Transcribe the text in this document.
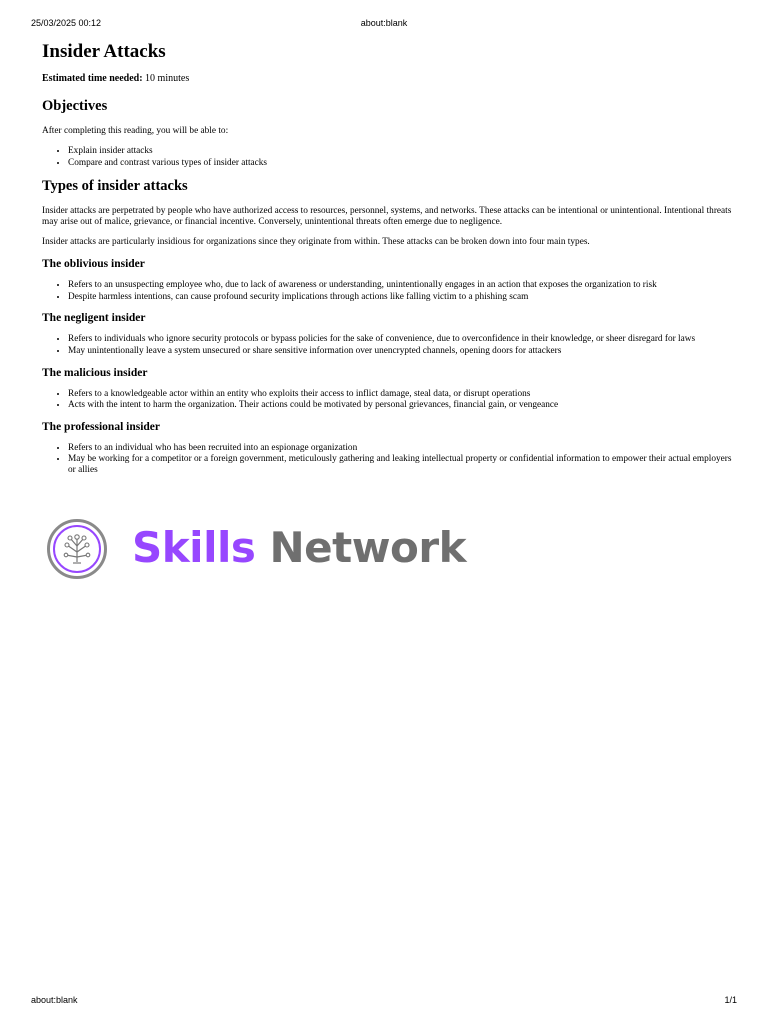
about:blank
25/03/2025 00:12
Insider Attacks
Estimated time needed: 10 minutes
Objectives

After completing this reading, you will be able to:

• Explain insider attacks
• Compare and contrast various types of insider attacks
Types of insider attacks

Insider attacks are perpetrated by people who have authorized access to resources, personnel, systems, and networks. These attacks can be intentional or unintentional. Intentional threats may arise out of malice, grievance, or financial incentive. Conversely, unintentional threats often emerge due to negligence.

Insider attacks are particularly insidious for organizations since they originate from within. These attacks can be broken down into four main types.

The oblivious insider
• Refers to an unsuspecting employee who, due to lack of awareness or understanding, unintentionally engages in an action that exposes the organization to risk
• Despite harmless intentions, can cause profound security implications through actions like falling victim to a phishing scam
The negligent insider
• Refers to individuals who ignore security protocols or bypass policies for the sake of convenience, due to overconfidence in their knowledge, or sheer disregard for laws
• May unintentionally leave a system unsecured or share sensitive information over unencrypted channels, opening doors for attackers
The malicious insider
• Refers to a knowledgeable actor within an entity who exploits their access to inflict damage, steal data, or disrupt operations
• Acts with the intent to harm the organization. Their actions could be motivated by personal grievances, financial gain, or vengeance
The professional insider
• Refers to an individual who has been recruited into an espionage organization
• May be working for a competitor or a foreign government, meticulously gathering and leaking intellectual property or confidential information to empower their actual employers or allies
Skills Network
about:blank	1/1
